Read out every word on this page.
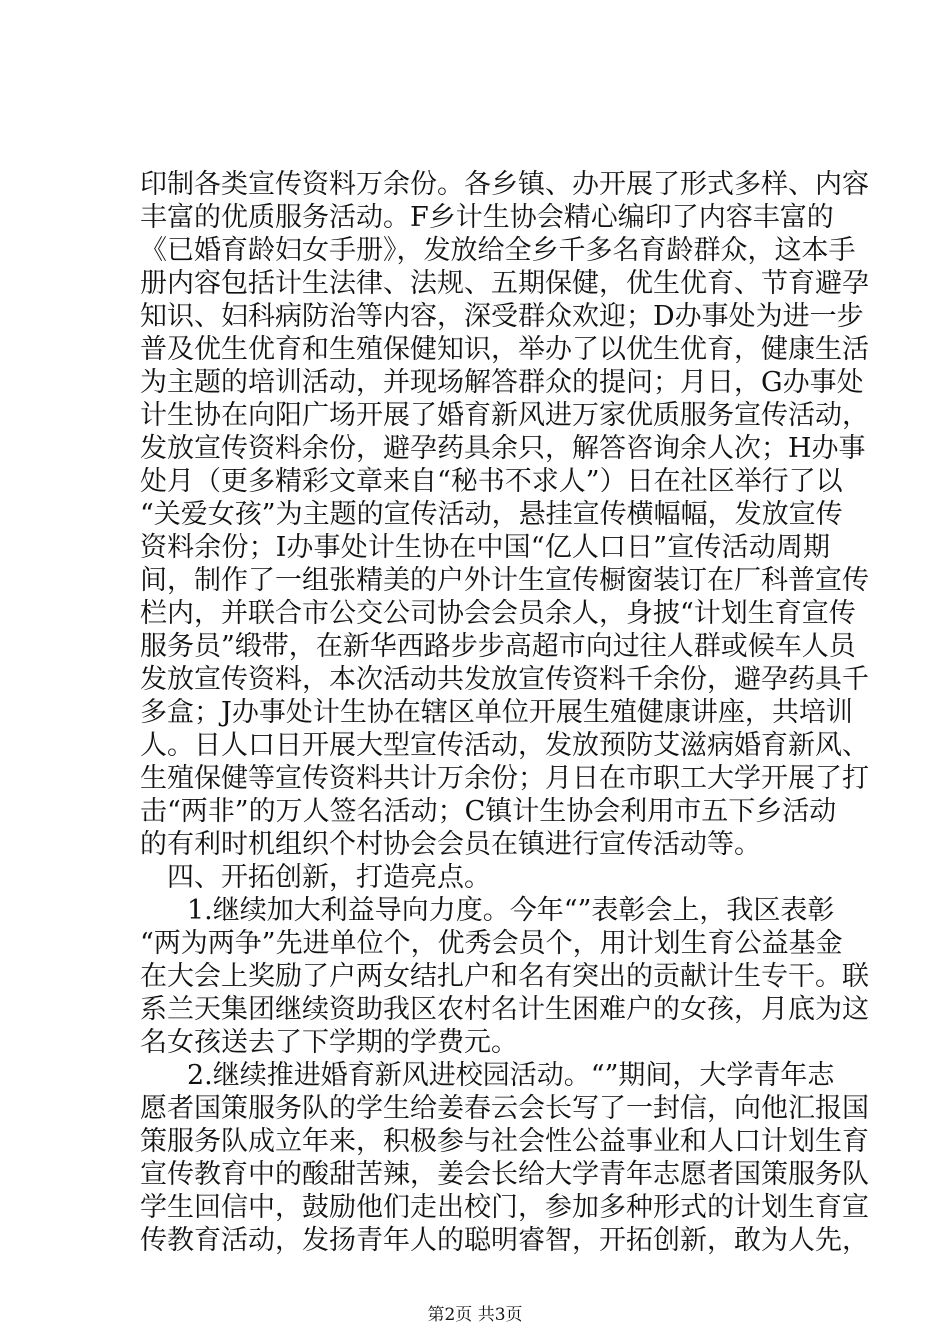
印制各类宣传资料万余份。各乡镇、办开展了形式多样、内容
丰富的优质服务活动。F乡计生协会精心编印了内容丰富的
《已婚育龄妇女手册》，发放给全乡千多名育龄群众，这本手
册内容包括计生法律、法规、五期保健，优生优育、节育避孕
知识、妇科病防治等内容，深受群众欢迎；D办事处为进一步
普及优生优育和生殖保健知识，举办了以优生优育，健康生活
为主题的培训活动，并现场解答群众的提问；月日，G办事处
计生协在向阳广场开展了婚育新风进万家优质服务宣传活动，
发放宣传资料余份，避孕药具余只，解答咨询余人次；H办事
处月（更多精彩文章来自“秘书不求人”）日在社区举行了以
“关爱女孩”为主题的宣传活动，悬挂宣传横幅幅，发放宣传
资料余份；I办事处计生协在中国“亿人口日”宣传活动周期
间，制作了一组张精美的户外计生宣传橱窗装订在厂科普宣传
栏内，并联合市公交公司协会会员余人，身披“计划生育宣传
服务员”缎带，在新华西路步步高超市向过往人群或候车人员
发放宣传资料，本次活动共发放宣传资料千余份，避孕药具千
多盒；J办事处计生协在辖区单位开展生殖健康讲座，共培训
人。日人口日开展大型宣传活动，发放预防艾滋病婚育新风、
生殖保健等宣传资料共计万余份；月日在市职工大学开展了打
击“两非”的万人签名活动；C镇计生协会利用市五下乡活动
的有利时机组织个村协会会员在镇进行宣传活动等。
四、开拓创新，打造亮点。
1.继续加大利益导向力度。今年“”表彰会上，我区表彰
“两为两争”先进单位个，优秀会员个，用计划生育公益基金
在大会上奖励了户两女结扎户和名有突出的贡献计生专干。联
系兰天集团继续资助我区农村名计生困难户的女孩，月底为这
名女孩送去了下学期的学费元。
2.继续推进婚育新风进校园活动。“”期间，大学青年志
愿者国策服务队的学生给姜春云会长写了一封信，向他汇报国
策服务队成立年来，积极参与社会性公益事业和人口计划生育
宣传教育中的酸甜苦辣，姜会长给大学青年志愿者国策服务队
学生回信中，鼓励他们走出校门，参加多种形式的计划生育宣
传教育活动，发扬青年人的聪明睿智，开拓创新，敢为人先，
第2页 共3页
